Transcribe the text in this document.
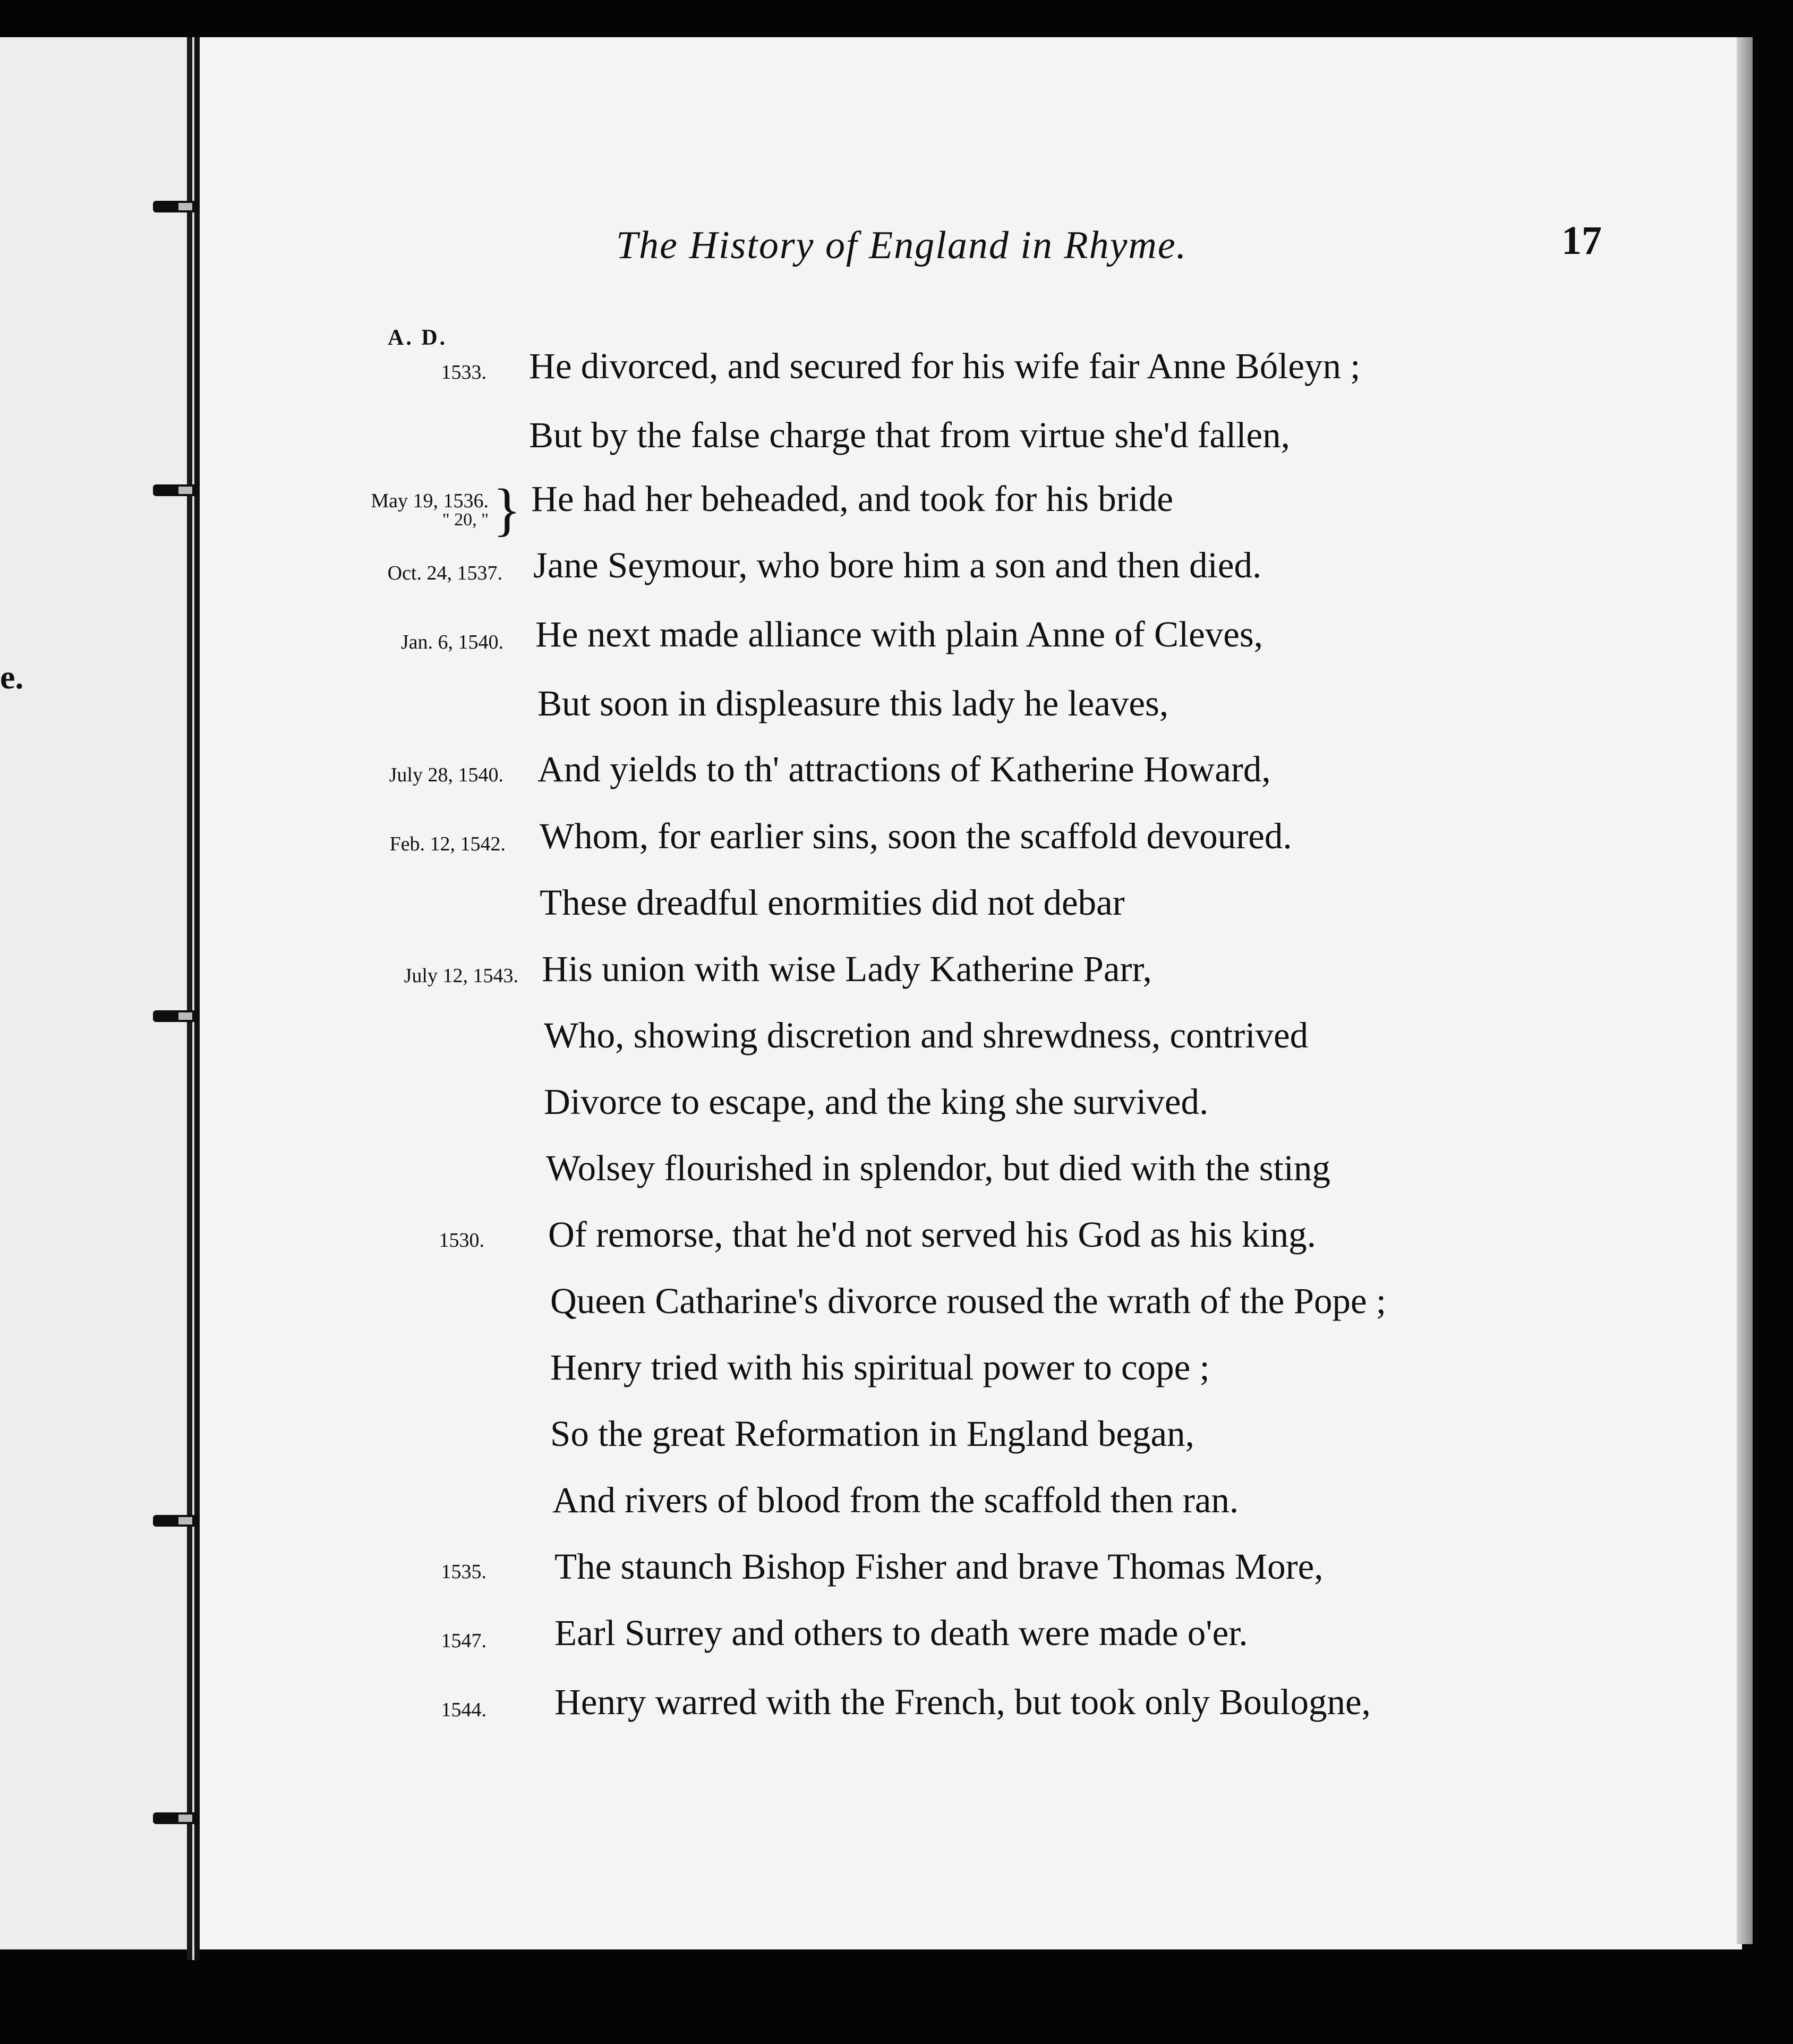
e.
The History of England in Rhyme.	17
A. D.
He divorced, and secured for his wife fair Anne Bóleyn ;
But by the false charge that from virtue she'd fallen,
He had her beheaded, and took for his bride
Jane Seymour, who bore him a son and then died.
He next made alliance with plain Anne of Cleves,
But soon in displeasure this lady he leaves,
And yields to th' attractions of Katherine Howard,
Whom, for earlier sins, soon the scaffold devoured.
These dreadful enormities did not debar
His union with wise Lady Katherine Parr,
Who, showing discretion and shrewdness, contrived
Divorce to escape, and the king she survived.
Wolsey flourished in splendor, but died with the sting
Of remorse, that he'd not served his God as his king.
Queen Catharine's divorce roused the wrath of the Pope ;
Henry tried with his spiritual power to cope ;
So the great Reformation in England began,
And rivers of blood from the scaffold then ran.
The staunch Bishop Fisher and brave Thomas More,
Earl Surrey and others to death were made o'er.
Henry warred with the French, but took only Boulogne,
1533.
May 19, 1536.
" 20, " }
Oct. 24, 1537.
Jan. 6, 1540.
July 28, 1540.
Feb. 12, 1542.
July 12, 1543.
1530.
1535.
1547.
1544.
